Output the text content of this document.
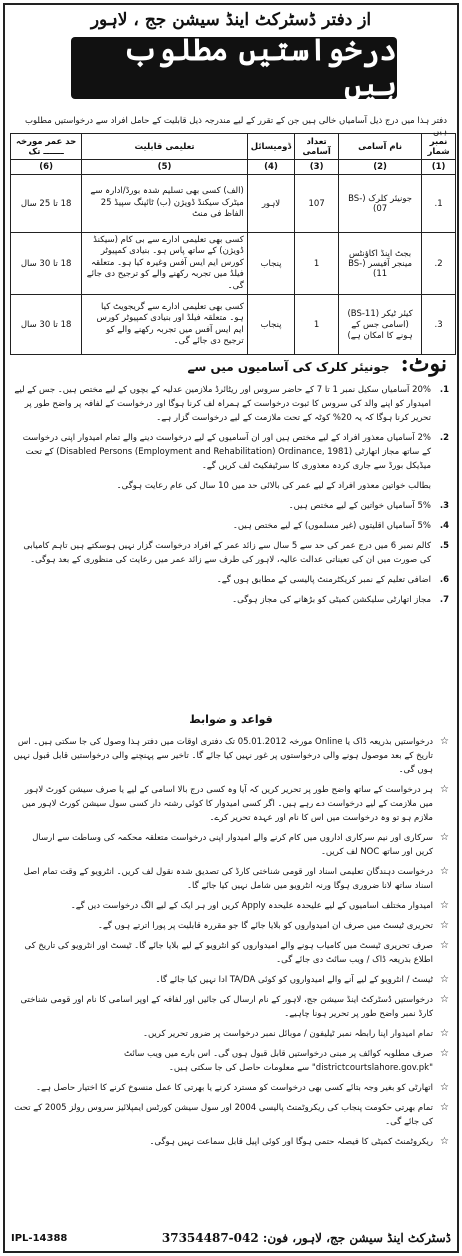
از دفتر ڈسٹرکٹ اینڈ سیشن جج ، لاہور
درخواستیں مطلوب ہیں
دفتر ہذا میں درج ذیل آسامیاں خالی ہیں جن کے تقرر کے لیے مندرجہ ذیل قابلیت کے حامل افراد سے درخواستیں مطلوب ہیں۔
نمبر شمار	نام آسامی	تعداد آسامی	ڈومیسائل	تعلیمی قابلیت	حد عمر مورخہ ـــــــ تک
(1)	(2)	(3)	(4)	(5)	(6)
1.	جونیئر کلرک (BS-07)	107	لاہور	(الف) کسی بھی تسلیم شدہ بورڈ/ادارہ سے میٹرک سیکنڈ ڈویژن (ب) ٹائپنگ سپیڈ 25 الفاظ فی منٹ	18 تا 25 سال
2.	بجٹ اینڈ اکاؤنٹس مینجر آفیسر (BS-11)	1	پنجاب	کسی بھی تعلیمی ادارے سے بی کام (سیکنڈ ڈویژن) کے ساتھ پاس ہو۔ بنیادی کمپیوٹر کورس ایم ایس آفس وغیرہ کیا ہو۔ متعلقہ فیلڈ میں تجربہ رکھنے والے کو ترجیح دی جائے گی۔	18 تا 30 سال
3.	کیئر ٹیکر (BS-11) (اسامی جس کے ہونے کا امکان ہے)	1	پنجاب	کسی بھی تعلیمی ادارے سے گریجویٹ کیا ہو۔ متعلقہ فیلڈ اور بنیادی کمپیوٹر کورس ایم ایس آفس میں تجربہ رکھنے والے کو ترجیح دی جائے گی۔	18 تا 30 سال
نوٹ: جونیئر کلرک کی آسامیوں میں سے
1.
20% آسامیاں سکیل نمبر 1 تا 7 کے حاضر سروس اور ریٹائرڈ ملازمین عدلیہ کے بچوں کے لیے مختص ہیں۔ جس کے لیے امیدوار کو اپنے والد کی سروس کا ثبوت درخواست کے ہمراہ لف کرنا ہوگا اور درخواست کے لفافہ پر واضح طور پر تحریر کرنا ہوگا کہ یہ 20% کوٹہ کے تحت ملازمت کے لیے درخواست گزار ہے۔
2.
2% آسامیاں معذور افراد کے لیے مختص ہیں اور ان آسامیوں کے لیے درخواست دینے والے تمام امیدوار اپنی درخواست کے ساتھ مجاز اتھارٹی (Disabled Persons (Employment and Rehabilitation) Ordinance, 1981) کے تحت میڈیکل بورڈ سے جاری کردہ معذوری کا سرٹیفکیٹ لف کریں گے۔
بطالب خواتین معذور افراد کے لیے عمر کی بالائی حد میں 10 سال کی عام رعایت ہوگی۔
3.
5% آسامیاں خواتین کے لیے مختص ہیں۔
4.
5% آسامیاں اقلیتوں (غیر مسلموں) کے لیے مختص ہیں۔
5.
کالم نمبر 6 میں درج عمر کی حد سے 5 سال سے زائد عمر کے افراد درخواست گزار نہیں ہوسکتے ہیں تاہم کامیابی کی صورت میں ان کی تعیناتی عدالت عالیہ، لاہور کی طرف سے زائد عمر میں رعایت کی منظوری کے بعد ہوگی۔
6.
اضافی تعلیم کے نمبر کریکٹرمنٹ پالیسی کے مطابق ہوں گے۔
7.
مجاز اتھارٹی سلیکشن کمیٹی کو بڑھانے کی مجاز ہوگی۔
قواعد و ضوابط
☆
درخواستیں بذریعہ ڈاک یا Online مورخہ 05.01.2012 تک دفتری اوقات میں دفتر ہذا وصول کی جا سکتی ہیں۔ اس تاریخ کے بعد موصول ہونے والی درخواستوں پر غور نہیں کیا جائے گا۔ تاخیر سے پہنچنے والی درخواستیں قابل قبول نہیں ہوں گی۔
☆
ہر درخواست کے ساتھ واضح طور پر تحریر کریں کہ آیا وہ کسی درج بالا اسامی کے لیے یا صرف سیشن کورٹ لاہور میں ملازمت کے لیے درخواست دے رہے ہیں۔ اگر کسی امیدوار کا کوئی رشتہ دار کسی سول سیشن کورٹ لاہور میں ملازم ہو تو وہ درخواست میں اس کا نام اور عہدہ تحریر کرے۔
☆
سرکاری اور نیم سرکاری اداروں میں کام کرنے والے امیدوار اپنی درخواست متعلقہ محکمہ کی وساطت سے ارسال کریں اور ساتھ NOC لف کریں۔
☆
درخواست دہندگان تعلیمی اسناد اور قومی شناختی کارڈ کی تصدیق شدہ نقول لف کریں۔ انٹرویو کے وقت تمام اصل اسناد ساتھ لانا ضروری ہوگا ورنہ انٹرویو میں شامل نہیں کیا جائے گا۔
☆
امیدوار مختلف اسامیوں کے لیے علیحدہ علیحدہ Apply کریں اور ہر ایک کے لیے الگ درخواست دیں گے۔
☆
تحریری ٹیسٹ میں صرف ان امیدواروں کو بلایا جائے گا جو مقررہ قابلیت پر پورا اترتے ہوں گے۔
☆
صرف تحریری ٹیسٹ میں کامیاب ہونے والے امیدواروں کو انٹرویو کے لیے بلایا جائے گا۔ ٹیسٹ اور انٹرویو کی تاریخ کی اطلاع بذریعہ ڈاک / ویب سائٹ دی جائے گی۔
☆
ٹیسٹ / انٹرویو کے لیے آنے والے امیدواروں کو کوئی TA/DA ادا نہیں کیا جائے گا۔
☆
درخواستیں ڈسٹرکٹ اینڈ سیشن جج، لاہور کے نام ارسال کی جائیں اور لفافہ کے اوپر اسامی کا نام اور قومی شناختی کارڈ نمبر واضح طور پر تحریر ہونا چاہیے۔
☆
تمام امیدوار اپنا رابطہ نمبر ٹیلیفون / موبائل نمبر درخواست پر ضرور تحریر کریں۔
☆
صرف مطلوبہ کوائف پر مبنی درخواستیں قابل قبول ہوں گی۔ اس بارے میں ویب سائٹ "districtcourtslahore.gov.pk" سے معلومات حاصل کی جا سکتی ہیں۔
☆
اتھارٹی کو بغیر وجہ بتائے کسی بھی درخواست کو مسترد کرنے یا بھرتی کا عمل منسوخ کرنے کا اختیار حاصل ہے۔
☆
تمام بھرتی حکومت پنجاب کی ریکروٹمنٹ پالیسی 2004 اور سول سیشن کورٹس ایمپلائیز سروس رولز 2005 کے تحت کی جائے گی۔
☆
ریکروٹمنٹ کمیٹی کا فیصلہ حتمی ہوگا اور کوئی اپیل قابل سماعت نہیں ہوگی۔
IPL-14388	ڈسٹرکٹ اینڈ سیشن جج، لاہور، فون: 042-37354487
